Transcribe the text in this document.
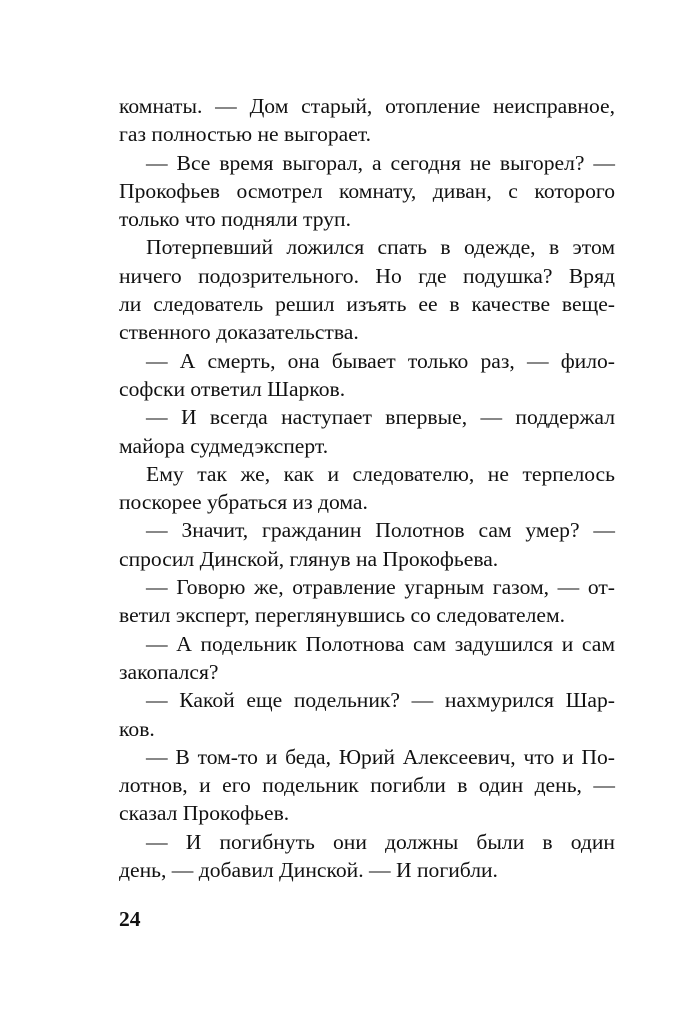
комнаты. — Дом старый, отопление неисправное,

газ полностью не выгорает.

— Все время выгорал, а сегодня не выгорел? —

Прокофьев осмотрел комнату, диван, с которого

только что подняли труп.

Потерпевший ложился спать в одежде, в этом

ничего подозрительного. Но где подушка? Вряд

ли следователь решил изъять ее в качестве веще-

ственного доказательства.

— А смерть, она бывает только раз, — фило-

софски ответил Шарков.

— И всегда наступает впервые, — поддержал

майора судмедэксперт.

Ему так же, как и следователю, не терпелось

поскорее убраться из дома.

— Значит, гражданин Полотнов сам умер? —

спросил Динской, глянув на Прокофьева.

— Говорю же, отравление угарным газом, — от-

ветил эксперт, переглянувшись со следователем.

— А подельник Полотнова сам задушился и сам

закопался?

— Какой еще подельник? — нахмурился Шар-

ков.

— В том-то и беда, Юрий Алексеевич, что и По-

лотнов, и его подельник погибли в один день, —

сказал Прокофьев.

— И погибнуть они должны были в один

день, — добавил Динской. — И погибли.

24
